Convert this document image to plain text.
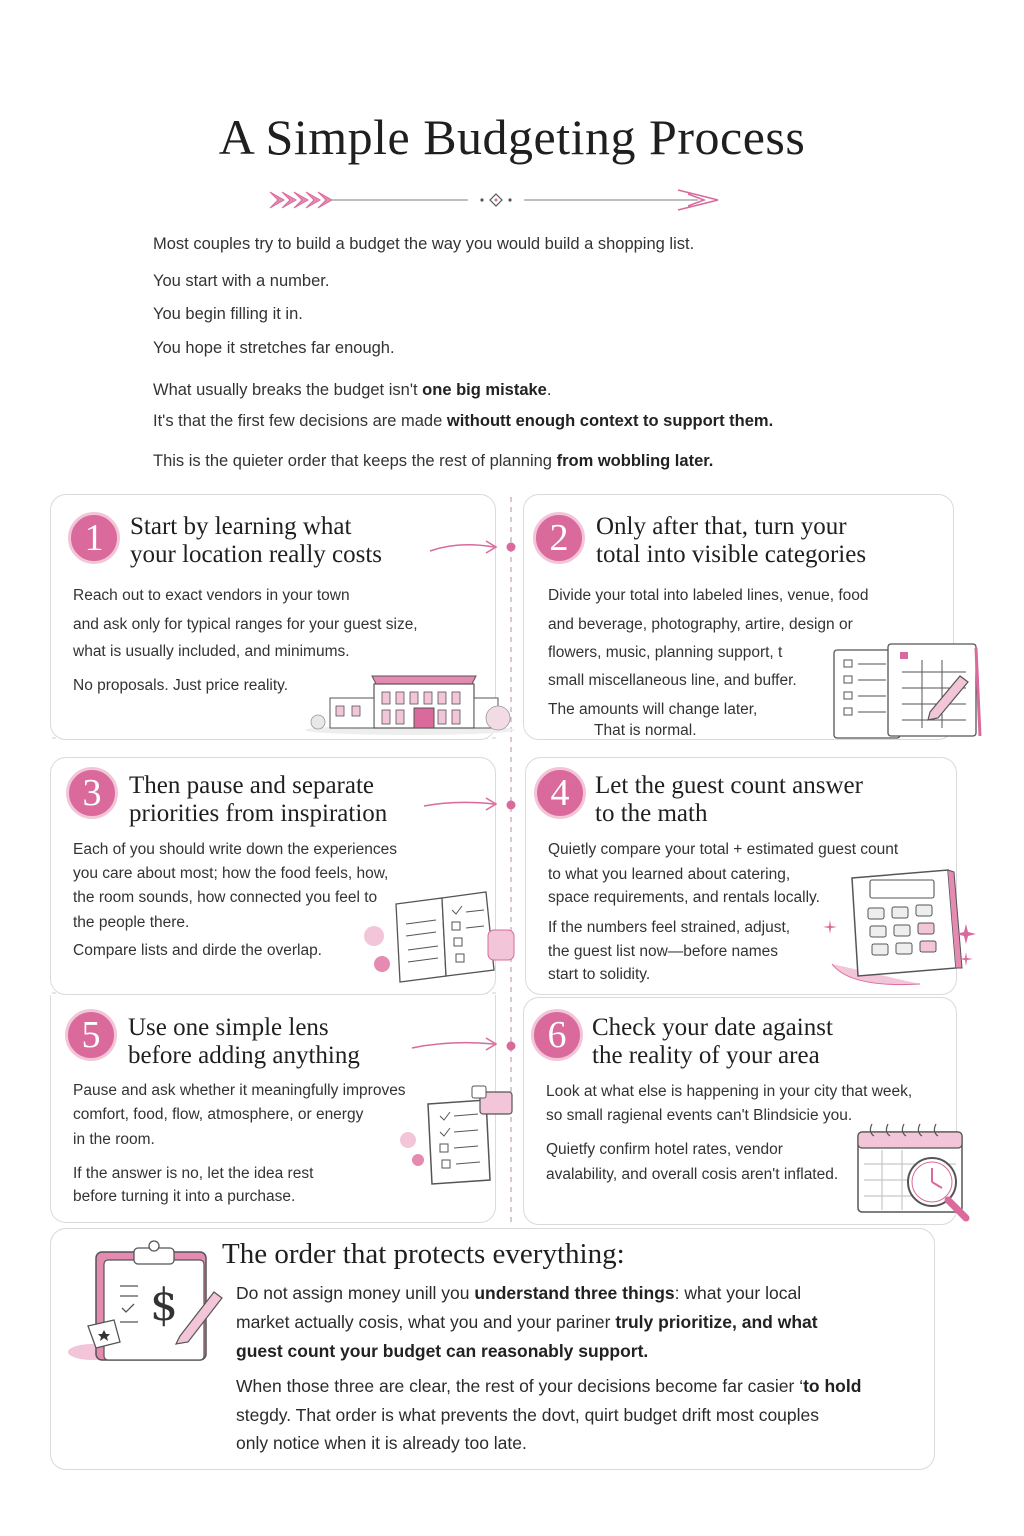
A Simple Budgeting Process
Most couples try to build a budget the way you would build a shopping list.
You start with a number.
You begin filling it in.
You hope it stretches far enough.
What usually breaks the budget isn't one big mistake.
It's that the first few decisions are made withoutt enough context to support them.
This is the quieter order that keeps the rest of planning from wobbling later.
1	Start by learning what
your location really costs
Reach out to exact vendors in your town
and ask only for typical ranges for your guest size,
what is usually included, and minimums.
No proposals. Just price reality.
2	Only after that, turn your
total into visible categories
Divide your total into labeled lines, venue, food
and beverage, photography, artire, design or
flowers, music, planning support, t
small miscellaneous line, and buffer.
The amounts will change later,
That is normal.
3	Then pause and separate
priorities from inspiration
Each of you should write down the experiences
you care about most; how the food feels, how,
the room sounds, how connected you feel to
the people there.
Compare lists and dirde the overlap.
4	Let the guest count answer
to the math
Quietly compare your total + estimated guest count
to what you learned about catering,
space requirements, and rentals locally.
If the numbers feel strained, adjust,
the guest list now—before names
start to solidity.
5	Use one simple lens
before adding anything
Pause and ask whether it meaningfully improves
comfort, food, flow, atmosphere, or energy
in the room.
If the answer is no, let the idea rest
before turning it into a purchase.
6	Check your date against
the reality of your area
Look at what else is happening in your city that week,
so small ragienal events can't Blindsicie you.
Quietfy confirm hotel rates, vendor
avalability, and overall cosis aren't inflated.
$
The order that protects everything:
Do not assign money unill you understand three things: what your local
market actually cosis, what you and your pariner truly prioritize, and what
guest count your budget can reasonably support.
When those three are clear, the rest of your decisions become far casier ‘to hold
stegdy. That order is what prevents the dovt, quirt budget drift most couples
only notice when it is already too late.
